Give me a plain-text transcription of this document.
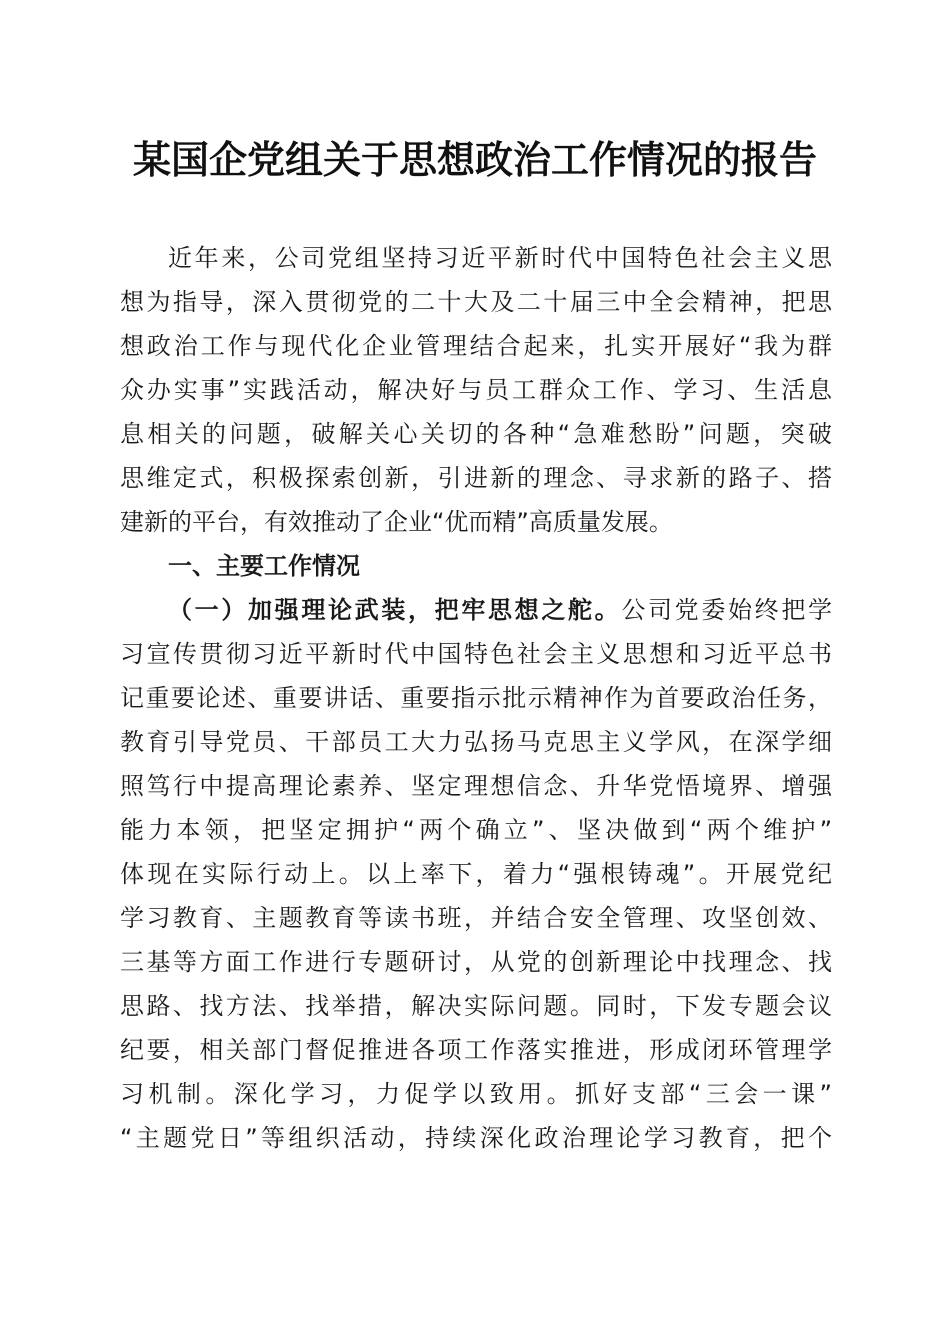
某国企党组关于思想政治工作情况的报告
近年来，公司党组坚持习近平新时代中国特色社会主义思
想为指导，深入贯彻党的二十大及二十届三中全会精神，把思
想政治工作与现代化企业管理结合起来，扎实开展好“我为群
众办实事”实践活动，解决好与员工群众工作、学习、生活息
息相关的问题，破解关心关切的各种“急难愁盼”问题，突破
思维定式，积极探索创新，引进新的理念、寻求新的路子、搭
建新的平台，有效推动了企业“优而精”高质量发展。
一、主要工作情况
（一）加强理论武装，把牢思想之舵。公司党委始终把学
习宣传贯彻习近平新时代中国特色社会主义思想和习近平总书
记重要论述、重要讲话、重要指示批示精神作为首要政治任务，
教育引导党员、干部员工大力弘扬马克思主义学风，在深学细
照笃行中提高理论素养、坚定理想信念、升华党悟境界、增强
能力本领，把坚定拥护“两个确立”、坚决做到“两个维护”
体现在实际行动上。以上率下，着力“强根铸魂”。开展党纪
学习教育、主题教育等读书班，并结合安全管理、攻坚创效、
三基等方面工作进行专题研讨，从党的创新理论中找理念、找
思路、找方法、找举措，解决实际问题。同时，下发专题会议
纪要，相关部门督促推进各项工作落实推进，形成闭环管理学
习机制。深化学习，力促学以致用。抓好支部“三会一课”
“主题党日”等组织活动，持续深化政治理论学习教育，把个
